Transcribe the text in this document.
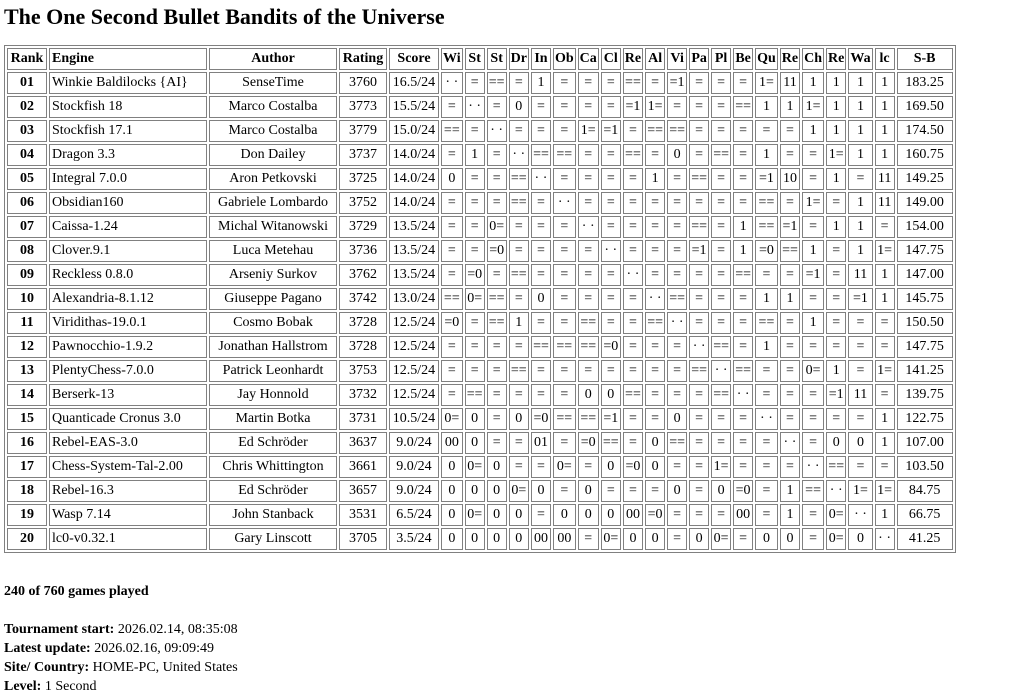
The One Second Bullet Bandits of the Universe
Rank	Engine	Author	Rating	Score	Wi	St	St	Dr	In	Ob	Ca	Cl	Re	Al	Vi	Pa	Pl	Be	Qu	Re	Ch	Re	Wa	lc	S-B
01	Winkie Baldilocks {AI}	SenseTime	3760	16.5/24	· ·	=	==	=	1	=	=	=	==	=	=1	=	=	=	1=	11	1	1	1	1	183.25
02	Stockfish 18	Marco Costalba	3773	15.5/24	=	· ·	=	0	=	=	=	=	=1	1=	=	=	=	==	1	1	1=	1	1	1	169.50
03	Stockfish 17.1	Marco Costalba	3779	15.0/24	==	=	· ·	=	=	=	1=	=1	=	==	==	=	=	=	=	=	1	1	1	1	174.50
04	Dragon 3.3	Don Dailey	3737	14.0/24	=	1	=	· ·	==	==	=	=	==	=	0	=	==	=	1	=	=	1=	1	1	160.75
05	Integral 7.0.0	Aron Petkovski	3725	14.0/24	0	=	=	==	· ·	=	=	=	=	1	=	==	=	=	=1	10	=	1	=	11	149.25
06	Obsidian160	Gabriele Lombardo	3752	14.0/24	=	=	=	==	=	· ·	=	=	=	=	=	=	=	=	==	=	1=	=	1	11	149.00
07	Caissa-1.24	Michal Witanowski	3729	13.5/24	=	=	0=	=	=	=	· ·	=	=	=	=	==	=	1	==	=1	=	1	1	=	154.00
08	Clover.9.1	Luca Metehau	3736	13.5/24	=	=	=0	=	=	=	=	· ·	=	=	=	=1	=	1	=0	==	1	=	1	1=	147.75
09	Reckless 0.8.0	Arseniy Surkov	3762	13.5/24	=	=0	=	==	=	=	=	=	· ·	=	=	=	=	==	=	=	=1	=	11	1	147.00
10	Alexandria-8.1.12	Giuseppe Pagano	3742	13.0/24	==	0=	==	=	0	=	=	=	=	· ·	==	=	=	=	1	1	=	=	=1	1	145.75
11	Viridithas-19.0.1	Cosmo Bobak	3728	12.5/24	=0	=	==	1	=	=	==	=	=	==	· ·	=	=	=	==	=	1	=	=	=	150.50
12	Pawnocchio-1.9.2	Jonathan Hallstrom	3728	12.5/24	=	=	=	=	==	==	==	=0	=	=	=	· ·	==	=	1	=	=	=	=	=	147.75
13	PlentyChess-7.0.0	Patrick Leonhardt	3753	12.5/24	=	=	=	==	=	=	=	=	=	=	=	==	· ·	==	=	=	0=	1	=	1=	141.25
14	Berserk-13	Jay Honnold	3732	12.5/24	=	==	=	=	=	=	0	0	==	=	=	=	==	· ·	=	=	=	=1	11	=	139.75
15	Quanticade Cronus 3.0	Martin Botka	3731	10.5/24	0=	0	=	0	=0	==	==	=1	=	=	0	=	=	=	· ·	=	=	=	=	1	122.75
16	Rebel-EAS-3.0	Ed Schröder	3637	9.0/24	00	0	=	=	01	=	=0	==	=	0	==	=	=	=	=	· ·	=	0	0	1	107.00
17	Chess-System-Tal-2.00	Chris Whittington	3661	9.0/24	0	0=	0	=	=	0=	=	0	=0	0	=	=	1=	=	=	=	· ·	==	=	=	103.50
18	Rebel-16.3	Ed Schröder	3657	9.0/24	0	0	0	0=	0	=	0	=	=	=	0	=	0	=0	=	1	==	· ·	1=	1=	84.75
19	Wasp 7.14	John Stanback	3531	6.5/24	0	0=	0	0	=	0	0	0	00	=0	=	=	=	00	=	1	=	0=	· ·	1	66.75
20	lc0-v0.32.1	Gary Linscott	3705	3.5/24	0	0	0	0	00	00	=	0=	0	0	=	0	0=	=	0	0	=	0=	0	· ·	41.25

240 of 760 games played

Tournament start: 2026.02.14, 08:35:08

Latest update: 2026.02.16, 09:09:49

Site/ Country: HOME-PC, United States

Level: 1 Second
